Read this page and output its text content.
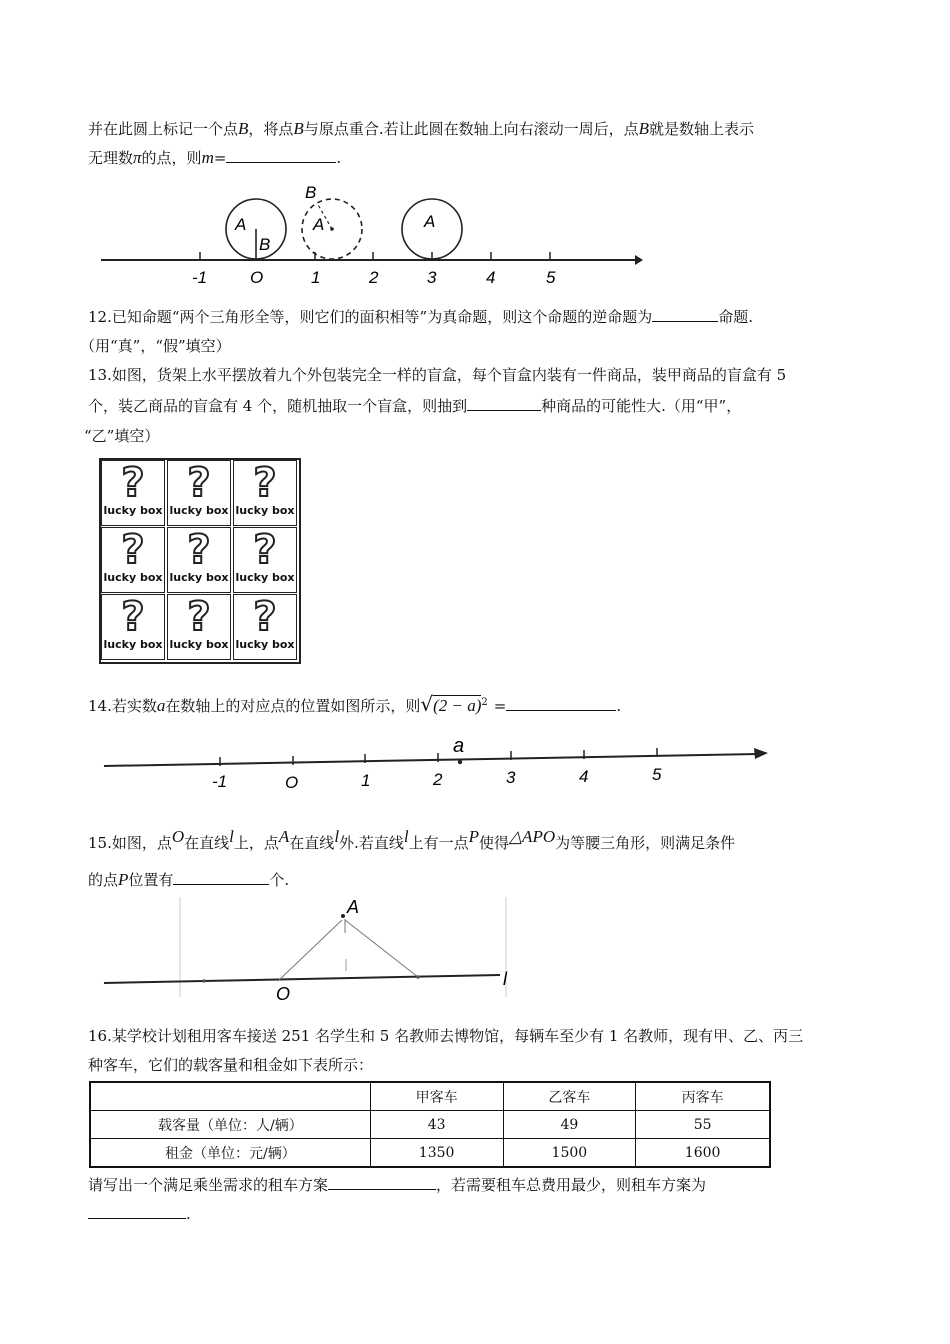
并在此圆上标记一个点B，将点B与原点重合.若让此圆在数轴上向右滚动一周后，点B就是数轴上表示
无理数π的点，则m=	.
-1	O	1	2	3	4	5
A
B
A
B
A
12.已知命题“两个三角形全等，则它们的面积相等”为真命题，则这个命题的逆命题为	命题.
（用“真”，“假”填空）
13.如图，货架上水平摆放着九个外包装完全一样的盲盒，每个盲盒内装有一件商品，装甲商品的盲盒有 5
个，装乙商品的盲盒有 4 个，随机抽取一个盲盒，则抽到	种商品的可能性大.（用“甲”，
“乙”填空）
?
lucky box
?
lucky box
?
lucky box
?
lucky box
?
lucky box
?
lucky box
?
lucky box
?
lucky box
?
lucky box
14.若实数a在数轴上的对应点的位置如图所示，则$√(2 - a)^2$ =	.
a
-1	O	1	2	3	4	5
15.如图，点$^O$在直线$^l$上，点$^A$在直线$^l$外.若直线$^l$上有一点$^P$使得$^{\triangle APO}$为等腰三角形，则满足条件
的点P位置有	个.
A
O
l
16.某学校计划租用客车接送 251 名学生和 5 名教师去博物馆，每辆车至少有 1 名教师，现有甲、乙、丙三
种客车，它们的载客量和租金如下表所示：
	甲客车	乙客车	丙客车
载客量（单位：人/辆）	43	49	55
租金（单位：元/辆）	1350	1500	1600
请写出一个满足乘坐需求的租车方案	，若需要租车总费用最少，则租车方案为
.
